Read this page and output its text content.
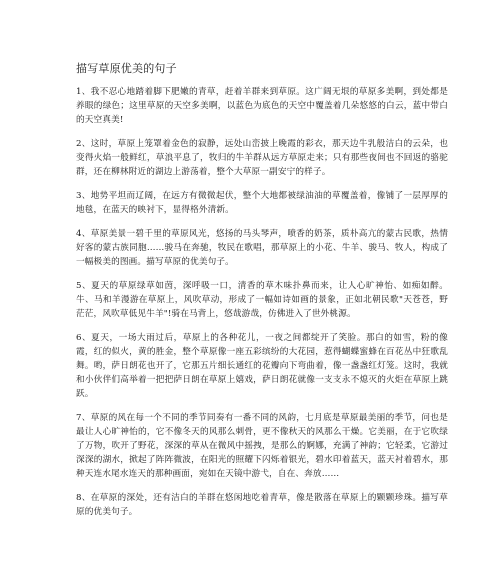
描写草原优美的句子
1、我不忍心地踏着脚下肥嫩的青草，赶着羊群来到草原。这广阔无垠的草原多美啊，到处都是养眼的绿色；这里草原的天空多美啊，以蓝色为底色的天空中覆盖着几朵悠悠的白云，蓝中带白的天空真美!
2、这时，草原上笼罩着金色的寂静，远处山峦披上晚霞的彩衣，那天边牛乳般洁白的云朵，也变得火焰一般鲜红，草浪平息了，牧归的牛羊群从远方草原走来；只有那些夜间也不回返的骆驼群，还在柳林附近的湖边上游荡着，整个大草原一副安宁的样子。
3、地势平坦而辽阔，在远方有微微起伏，整个大地都被绿油油的草覆盖着，像铺了一层厚厚的地毯，在蓝天的映衬下，显得格外清新。
4、草原美景一碧千里的草原风光，悠扬的马头琴声，喷香的奶茶，质朴高亢的蒙古民歌，热情好客的蒙古族同胞……骏马在奔驰，牧民在歌唱，那草原上的小花、牛羊、骏马、牧人，构成了一幅极美的图画。描写草原的优美句子。
5、夏天的草原绿草如茵，深呼吸一口，清香的草木味扑鼻而来，让人心旷神怡、如痴如醉。牛、马和羊漫游在草原上，风吹草动，形成了一幅如诗如画的景象，正如北朝民歌"天苍苍，野茫茫，风吹草低见牛羊"!骑在马背上，悠哉游哉，仿佛进入了世外桃源。
6、夏天，一场大雨过后，草原上的各种花儿，一夜之间都绽开了笑脸。那白的如雪，粉的像霞，红的似火，黄的胜金，整个草原像一座五彩缤纷的大花园，惹得蝴蝶蜜蜂在百花丛中狂歌乱舞。哟，萨日朗花也开了，它那五片细长通红的花瓣向下弯曲着，像一盏盏红灯笼。这时，我就和小伙伴们高举着一把把萨日朗在草原上嬉戏，萨日朗花就像一支支永不熄灭的火炬在草原上跳跃。
7、草原的风在每一个不同的季节同奏有一番不同的风韵，七月底是草原最美丽的季节，问也是最让人心旷神怡的，它不像冬天的风那么刺骨，更不像秋天的风那么干燥。它美丽，在于它吹绿了万物，吹开了野花，深深的草从在微风中摇拽，是那么的婀娜，充满了神韵；它轻柔，它游过深深的湖水，掀起了阵阵微波，在阳光的照耀下闪烁着银光，碧水印着蓝天，蓝天衬着碧水，那种天连水尾水连天的那种画面，宛如在天镜中游弋，自在、奔放……
8、在草原的深处，还有洁白的羊群在悠闲地吃着青草，像是散落在草原上的颗颗珍珠。描写草原的优美句子。
